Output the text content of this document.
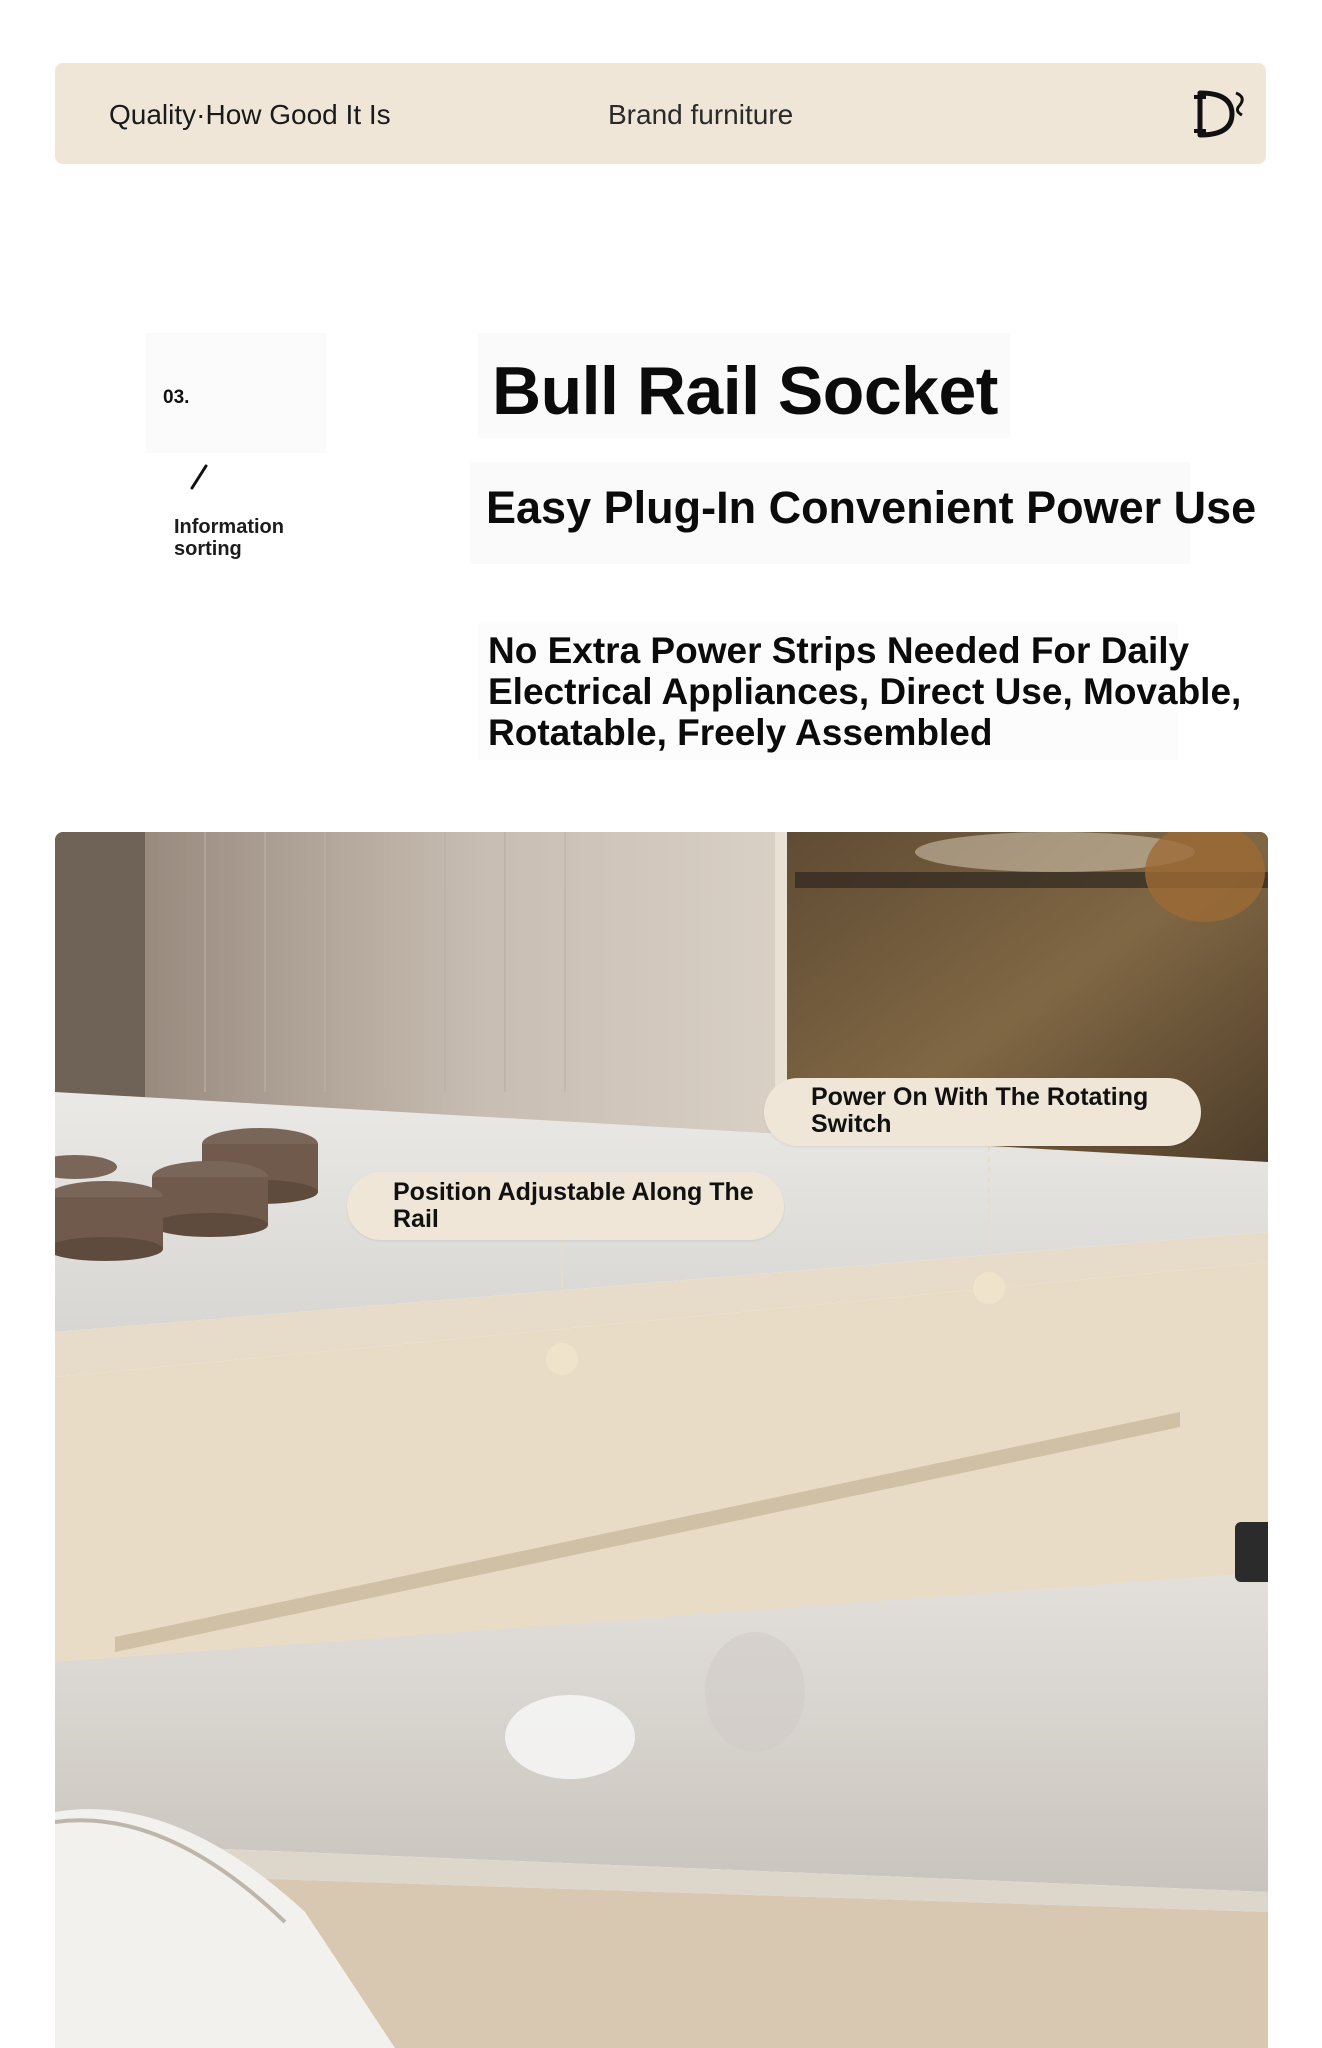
Quality·How Good It Is	Brand furniture
03.
Information sorting
Bull Rail Socket
Easy Plug-In Convenient Power Use
No Extra Power Strips Needed For Daily Electrical Appliances, Direct Use, Movable, Rotatable, Freely Assembled
Power On With The Rotating Switch
Position Adjustable Along The Rail
